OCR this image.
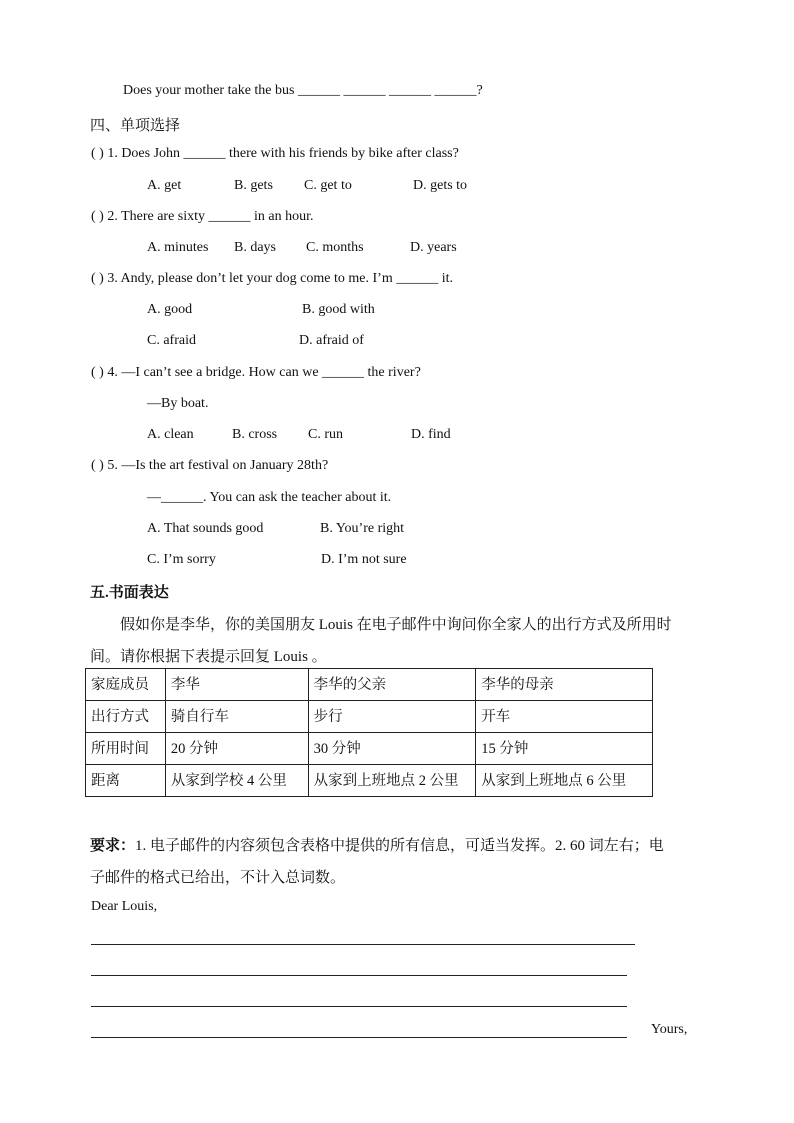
Does your mother take the bus ______ ______ ______ ______?
四、单项选择
( ) 1. Does John ______ there with his friends by bike after class?
A. get	B. gets C. get to	D. gets to
( ) 2. There are sixty ______ in an hour.
A. minutes B. days C. months	D. years
( ) 3. Andy, please don’t let your dog come to me. I’m ______ it.
A. good	B. good with
C. afraid	D. afraid of
( ) 4. —I can’t see a bridge. How can we ______ the river?
—By boat.
A. clean	B. cross C. run	D. find
( ) 5. —Is the art festival on January 28th?
—______. You can ask the teacher about it.
A. That sounds good	B. You’re right
C. I’m sorry	D. I’m not sure
五.书面表达
假如你是李华，你的美国朋友 Louis 在电子邮件中询问你全家人的出行方式及所用时
间。请你根据下表提示回复 Louis 。
家庭成员	李华	李华的父亲	李华的母亲
出行方式	骑自行车	步行	开车
所用时间	20 分钟	30 分钟	15 分钟
距离	从家到学校 4 公里	从家到上班地点 2 公里	从家到上班地点 6 公里
要求：1. 电子邮件的内容须包含表格中提供的所有信息，可适当发挥。2. 60 词左右；电
子邮件的格式已给出，不计入总词数。
Dear Louis,
Yours,
